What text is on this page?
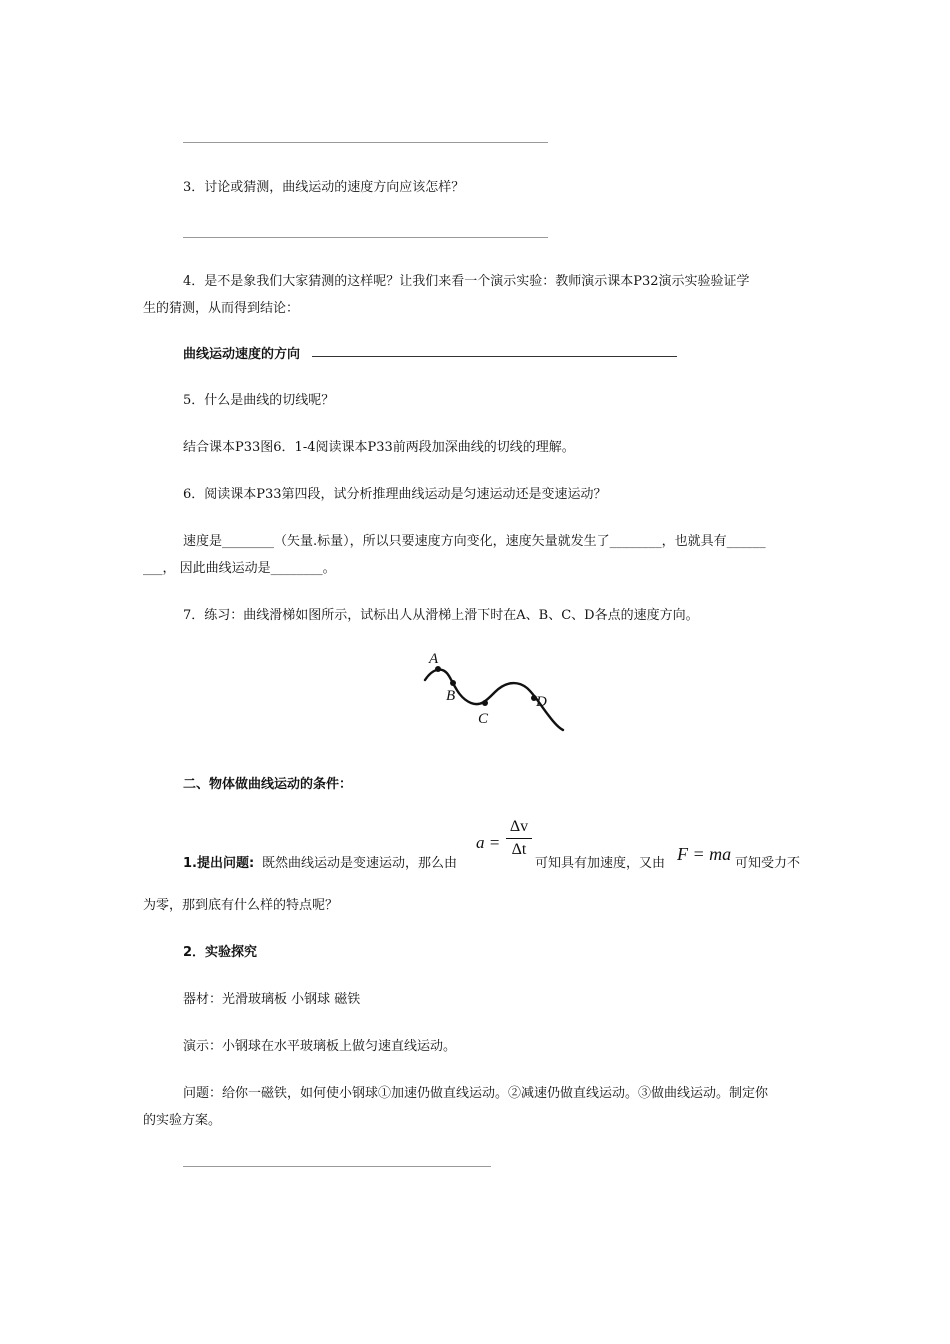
3．讨论或猜测，曲线运动的速度方向应该怎样？
4．是不是象我们大家猜测的这样呢？让我们来看一个演示实验：教师演示课本P32演示实验验证学
生的猜测，从而得到结论：
曲线运动速度的方向
5．什么是曲线的切线呢？
结合课本P33图6．1-4阅读课本P33前两段加深曲线的切线的理解。
6．阅读课本P33第四段，试分析推理曲线运动是匀速运动还是变速运动？
速度是________（矢量.标量），所以只要速度方向变化，速度矢量就发生了________，也就具有______
___， 因此曲线运动是________。
7．练习：曲线滑梯如图所示，试标出人从滑梯上滑下时在A、B、C、D各点的速度方向。
A
B
C
D
二、物体做曲线运动的条件：
1.提出问题: 既然曲线运动是变速运动，那么由
a =
Δv
Δt
可知具有加速度，又由 F = ma 可知受力不
为零，那到底有什么样的特点呢？
2．实验探究
器材：光滑玻璃板 小钢球 磁铁
演示：小钢球在水平玻璃板上做匀速直线运动。
问题：给你一磁铁，如何使小钢球①加速仍做直线运动。②减速仍做直线运动。③做曲线运动。制定你
的实验方案。
